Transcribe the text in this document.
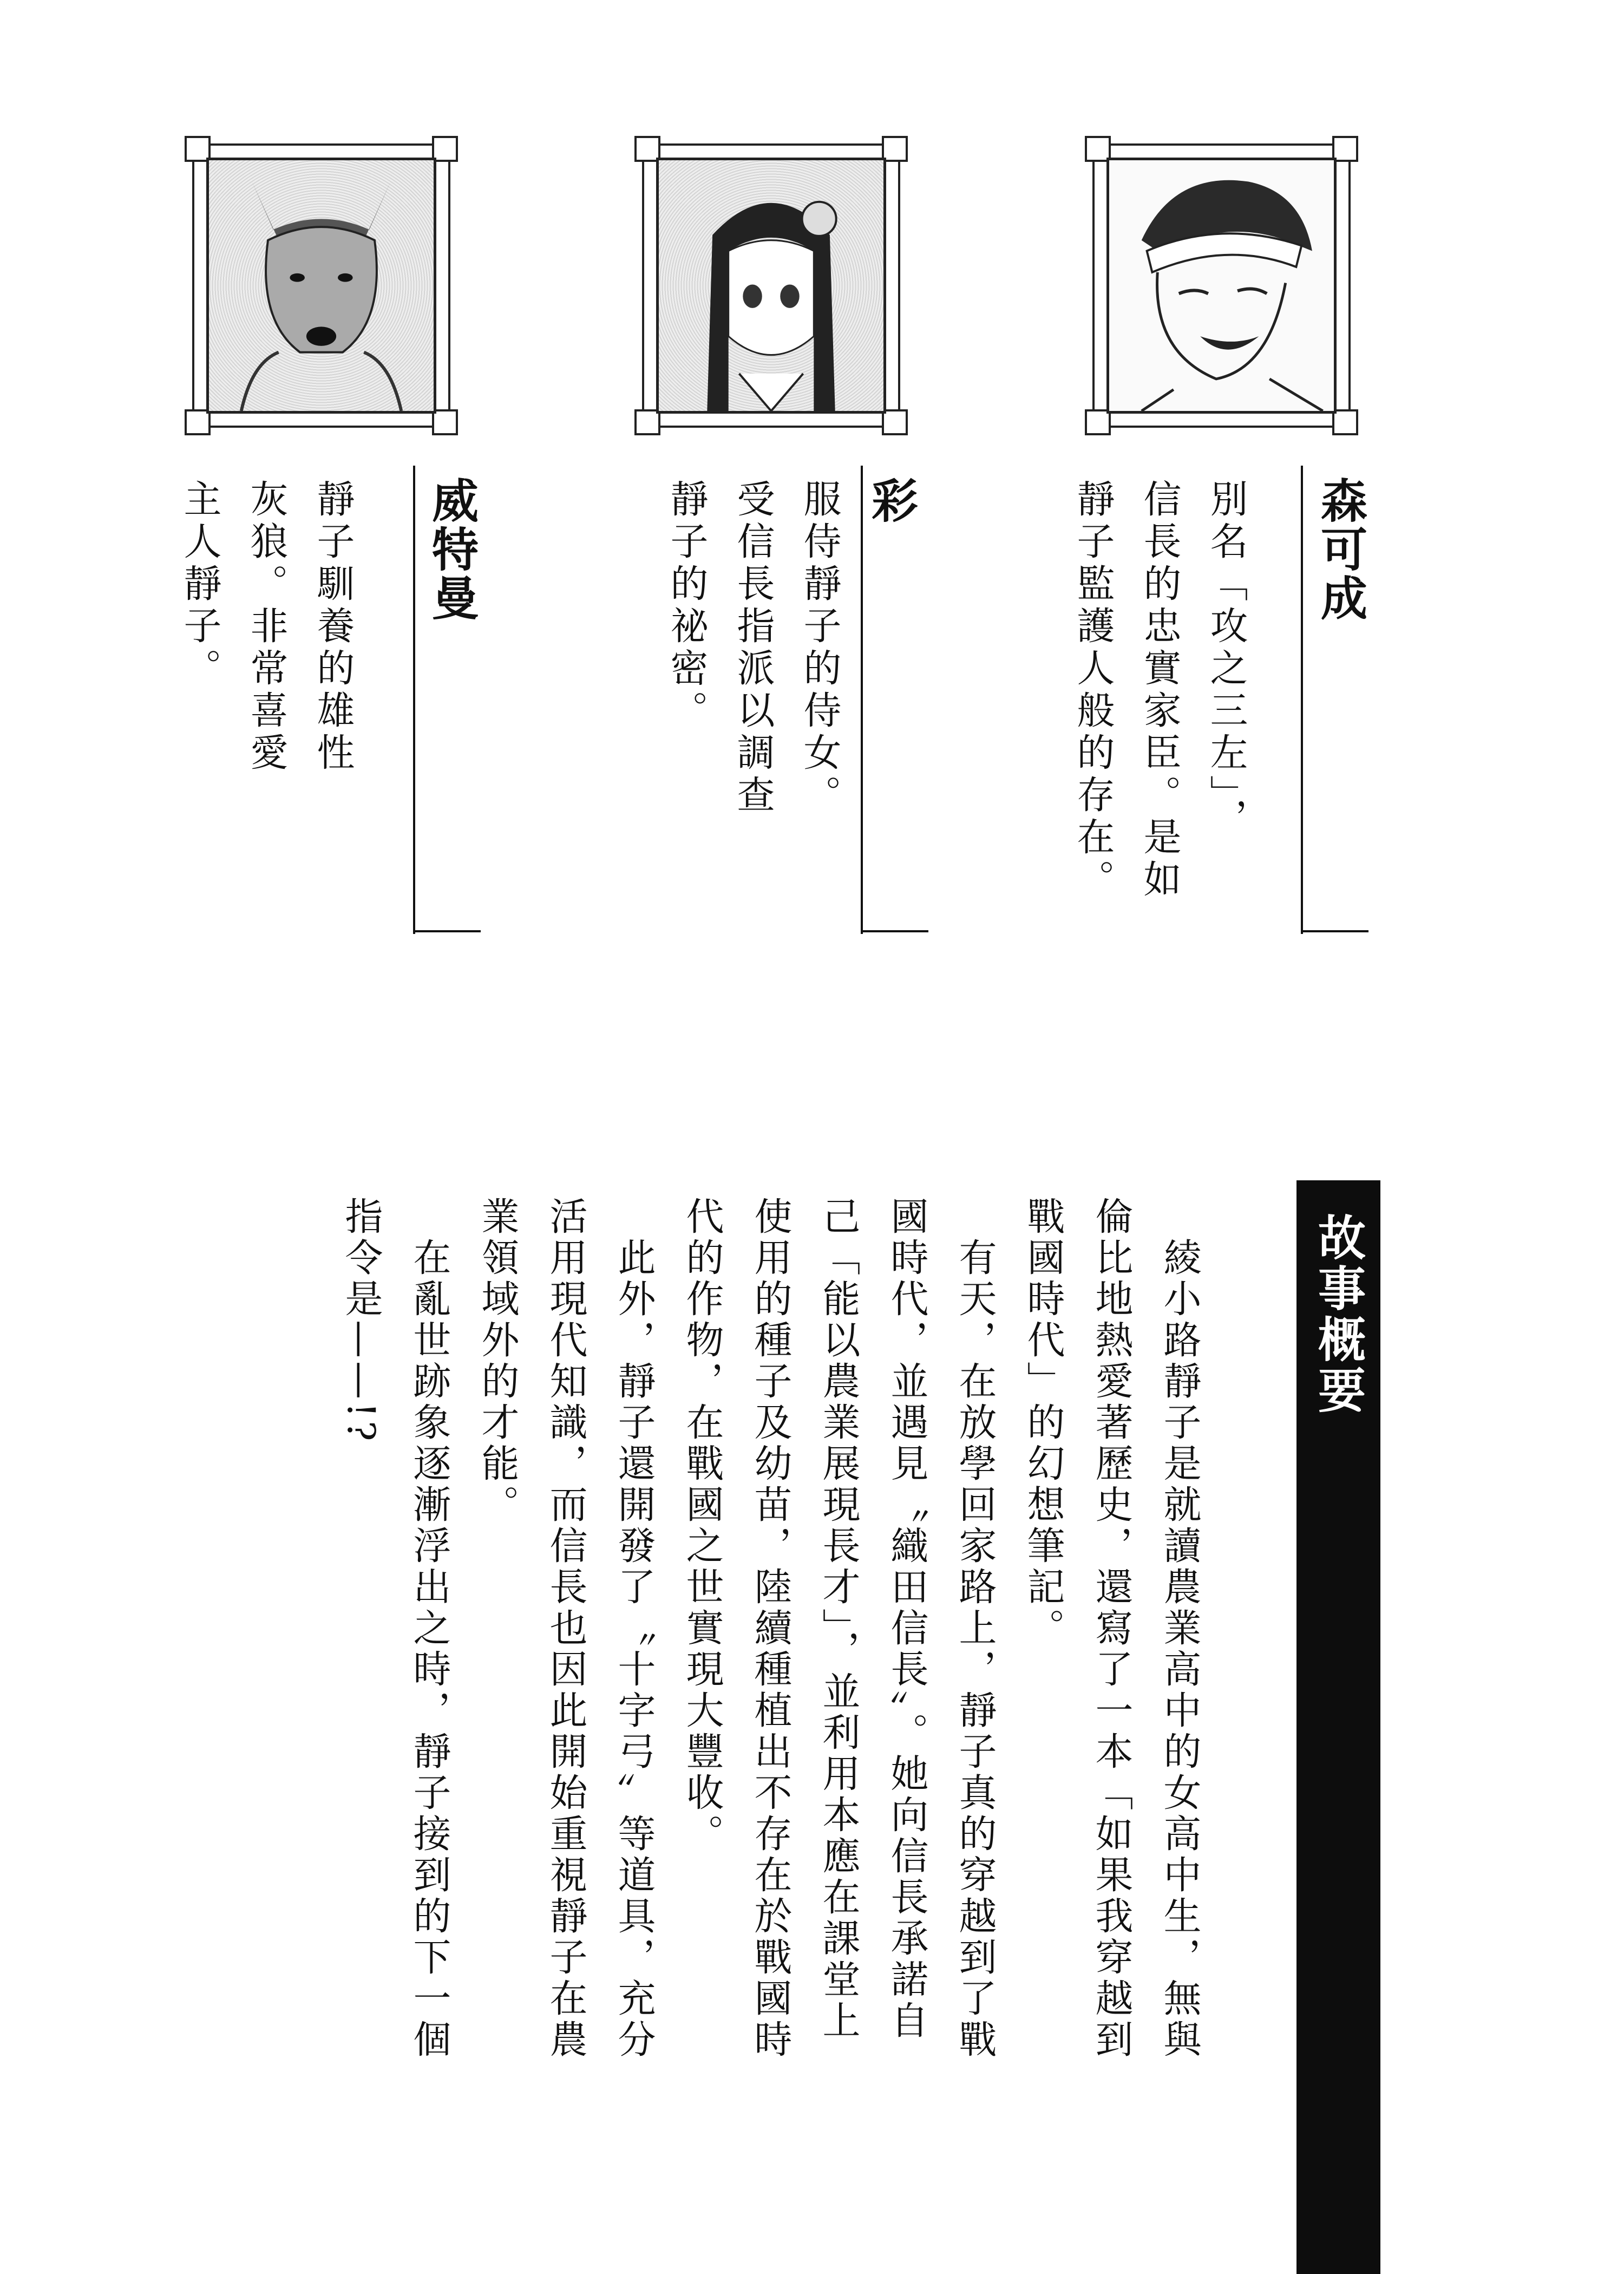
森可成
別名「攻之三左」，
信長的忠實家臣。是如
靜子監護人般的存在。
彩
服侍靜子的侍女。
受信長指派以調查
靜子的祕密。
威特曼
靜子馴養的雄性
灰狼。非常喜愛
主人靜子。
故事概要
　綾小路靜子是就讀農業高中的女高中生，無與
倫比地熱愛著歷史，還寫了一本「如果我穿越到
戰國時代」的幻想筆記。
　有天，在放學回家路上，靜子真的穿越到了戰
國時代，並遇見〝織田信長〞。她向信長承諾自
己「能以農業展現長才」，並利用本應在課堂上
使用的種子及幼苗，陸續種植出不存在於戰國時
代的作物，在戰國之世實現大豐收。
　此外，靜子還開發了〝十字弓〞等道具，充分
活用現代知識，而信長也因此開始重視靜子在農
業領域外的才能。
　在亂世跡象逐漸浮出之時，靜子接到的下一個
指令是——!?
